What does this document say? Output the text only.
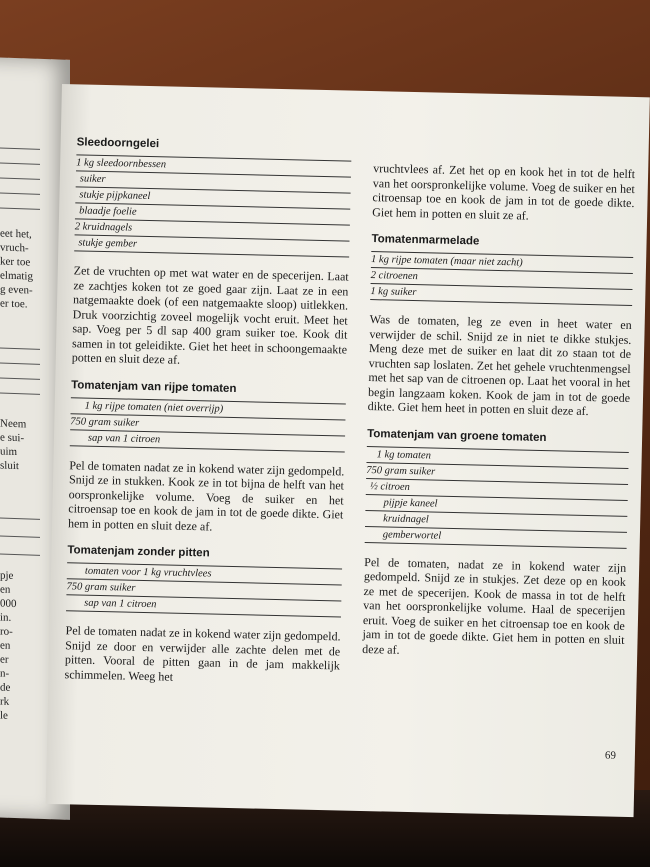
eet het,
vruch-
ker toe
elmatig
g even-
er toe.
Neem
e sui-
uim
sluit
pje
en
000
in.
ro-
en
er
n-
de
rk
le
Sleedoorngelei
1 kg sleedoornbessen
suiker
stukje pijpkaneel
blaadje foelie
2 kruidnagels
stukje gember

Zet de vruchten op met wat water en de specerijen. Laat ze zachtjes koken tot ze goed gaar zijn. Laat ze in een natgemaakte doek (of een natgemaakte sloop) uitlekken. Druk voorzichtig zoveel mogelijk vocht eruit. Meet het sap. Voeg per 5 dl sap 400 gram suiker toe. Kook dit samen in tot geleidikte. Giet het heet in schoongemaakte potten en sluit deze af.

Tomatenjam van rijpe tomaten
1 kg rijpe tomaten (niet overrijp)
750 gram suiker
sap van 1 citroen

Pel de tomaten nadat ze in kokend water zijn gedompeld. Snijd ze in stukken. Kook ze in tot bijna de helft van het oorspronkelijke volume. Voeg de suiker en het citroensap toe en kook de jam in tot de goede dikte. Giet hem in potten en sluit deze af.

Tomatenjam zonder pitten
tomaten voor 1 kg vruchtvlees
750 gram suiker
sap van 1 citroen

Pel de tomaten nadat ze in kokend water zijn gedompeld. Snijd ze door en verwijder alle zachte delen met de pitten. Vooral de pitten gaan in de jam makkelijk schimmelen. Weeg het

vruchtvlees af. Zet het op en kook het in tot de helft van het oorspronkelijke volume. Voeg de suiker en het citroensap toe en kook de jam in tot de goede dikte. Giet hem in potten en sluit ze af.

Tomatenmarmelade
1 kg rijpe tomaten (maar niet zacht)
2 citroenen
1 kg suiker

Was de tomaten, leg ze even in heet water en verwijder de schil. Snijd ze in niet te dikke stukjes. Meng deze met de suiker en laat dit zo staan tot de vruchten sap loslaten. Zet het gehele vruchtenmengsel met het sap van de citroenen op. Laat het vooral in het begin langzaam koken. Kook de jam in tot de goede dikte. Giet hem heet in potten en sluit deze af.

Tomatenjam van groene tomaten
1 kg tomaten
750 gram suiker
½ citroen
pijpje kaneel
kruidnagel
gemberwortel

Pel de tomaten, nadat ze in kokend water zijn gedompeld. Snijd ze in stukjes. Zet deze op en kook ze met de specerijen. Kook de massa in tot de helft van het oorspronkelijke volume. Haal de specerijen eruit. Voeg de suiker en het citroensap toe en kook de jam in tot de goede dikte. Giet hem in potten en sluit deze af.

69
